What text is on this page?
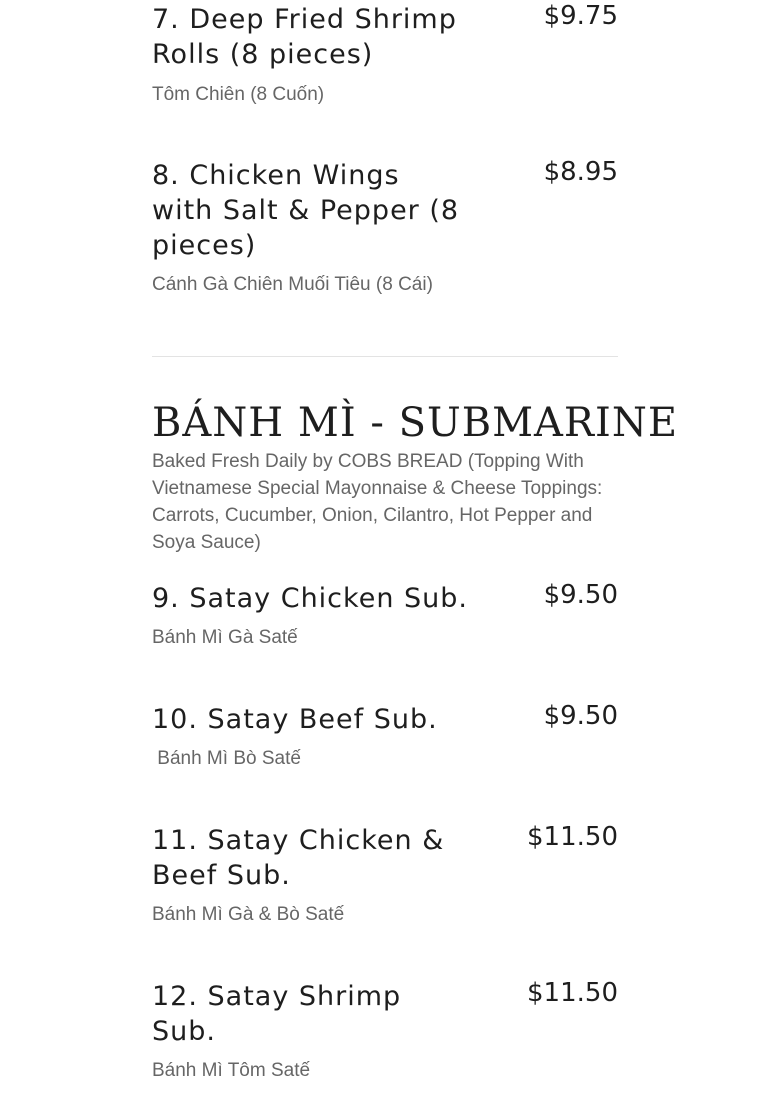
7. Deep Fried Shrimp Rolls (8 pieces)
$9.75
Tôm Chiên (8 Cuốn)
8. Chicken Wings with Salt & Pepper (8 pieces)
$8.95
Cánh Gà Chiên Muối Tiêu (8 Cái)
BÁNH MÌ - SUBMARINE
Baked Fresh Daily by COBS BREAD (Topping With Vietnamese Special Mayonnaise & Cheese Toppings: Carrots, Cucumber, Onion, Cilantro, Hot Pepper and Soya Sauce)
9. Satay Chicken Sub.	$9.50
Bánh Mì Gà Satế
10. Satay Beef Sub.	$9.50
Bánh Mì Bò Satế
11. Satay Chicken & Beef Sub.
$11.50
Bánh Mì Gà & Bò Satế
12. Satay Shrimp Sub.
$11.50
Bánh Mì Tôm Satế
